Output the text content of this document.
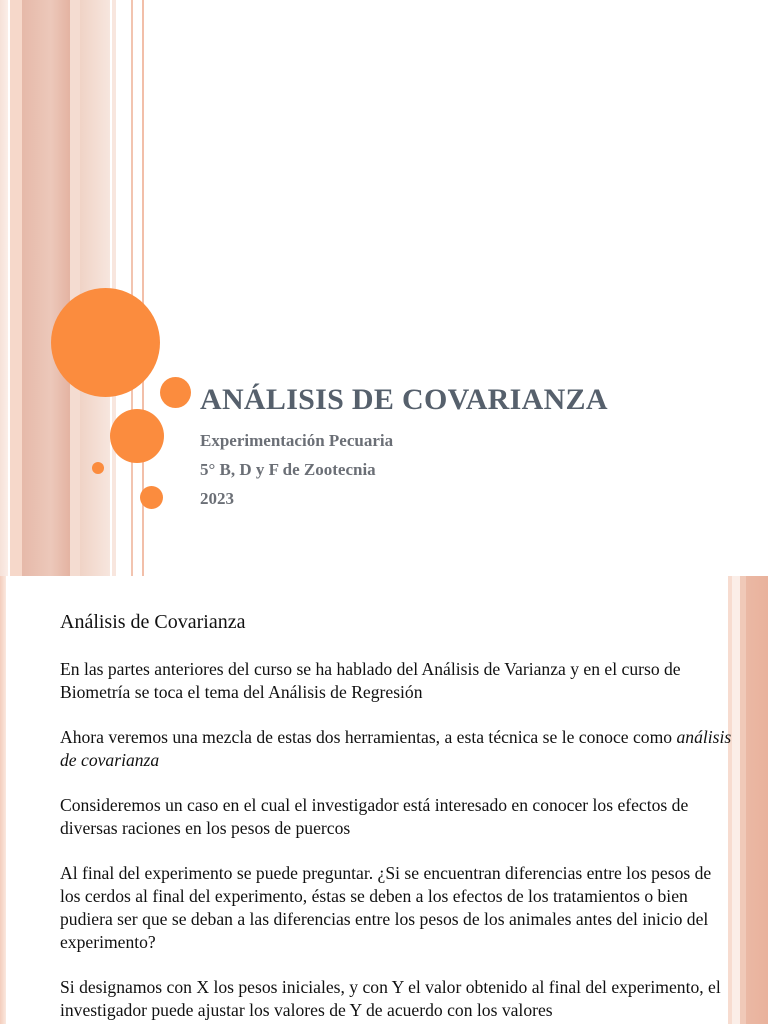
ANÁLISIS DE COVARIANZA
Experimentación Pecuaria
5° B, D y F de Zootecnia
2023
Análisis de Covarianza

En las partes anteriores del curso se ha hablado del Análisis de Varianza y en el curso de Biometría se toca el tema del Análisis de Regresión

Ahora veremos una mezcla de estas dos herramientas, a esta técnica se le conoce como análisis de covarianza

Consideremos un caso en el cual el investigador está interesado en conocer los efectos de diversas raciones en los pesos de puercos

Al final del experimento se puede preguntar. ¿Si se encuentran diferencias entre los pesos de los cerdos al final del experimento, éstas se deben a los efectos de los tratamientos o bien pudiera ser que se deban a las diferencias entre los pesos de los animales antes del inicio del experimento?

Si designamos con X los pesos iniciales, y con Y el valor obtenido al final del experimento, el investigador puede ajustar los valores de Y de acuerdo con los valores
